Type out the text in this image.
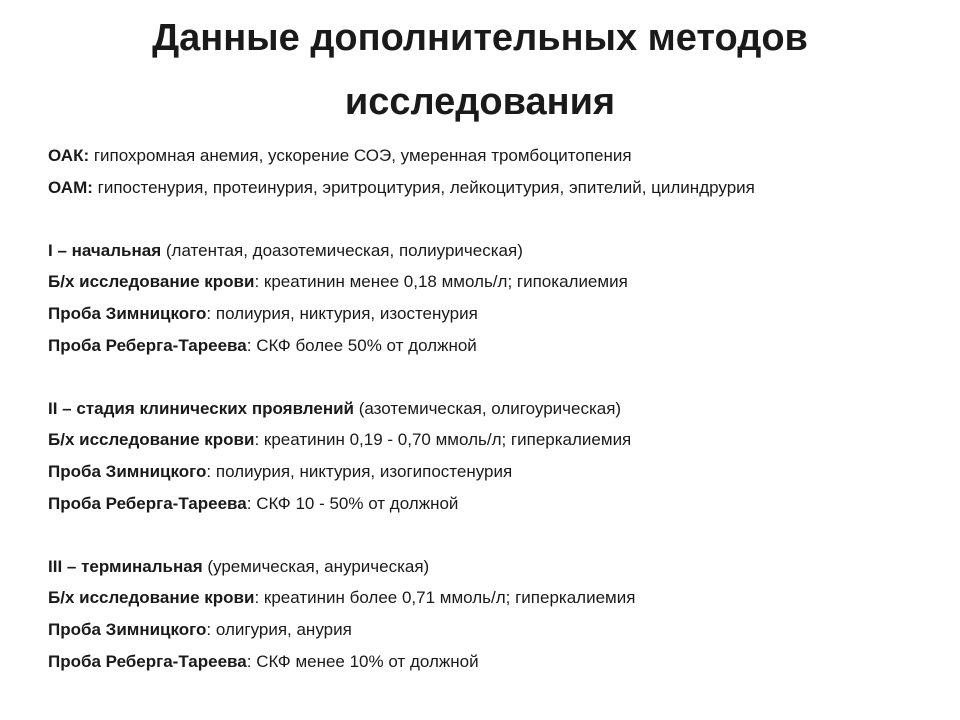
Данные дополнительных методов
исследования
ОАК: гипохромная анемия, ускорение СОЭ, умеренная тромбоцитопения
ОАМ: гипостенурия, протеинурия, эритроцитурия, лейкоцитурия, эпителий, цилиндрурия
I – начальная (латентая, доазотемическая, полиурическая)
Б/х исследование крови: креатинин менее 0,18 ммоль/л; гипокалиемия
Проба Зимницкого: полиурия, никтурия, изостенурия
Проба Реберга-Тареева: СКФ более 50% от должной
II – стадия клинических проявлений (азотемическая, олигоурическая)
Б/х исследование крови: креатинин 0,19 - 0,70 ммоль/л; гиперкалиемия
Проба Зимницкого: полиурия, никтурия, изогипостенурия
Проба Реберга-Тареева: СКФ 10 - 50% от должной
III – терминальная (уремическая, анурическая)
Б/х исследование крови: креатинин более 0,71 ммоль/л; гиперкалиемия
Проба Зимницкого: олигурия, анурия
Проба Реберга-Тареева: СКФ менее 10% от должной
